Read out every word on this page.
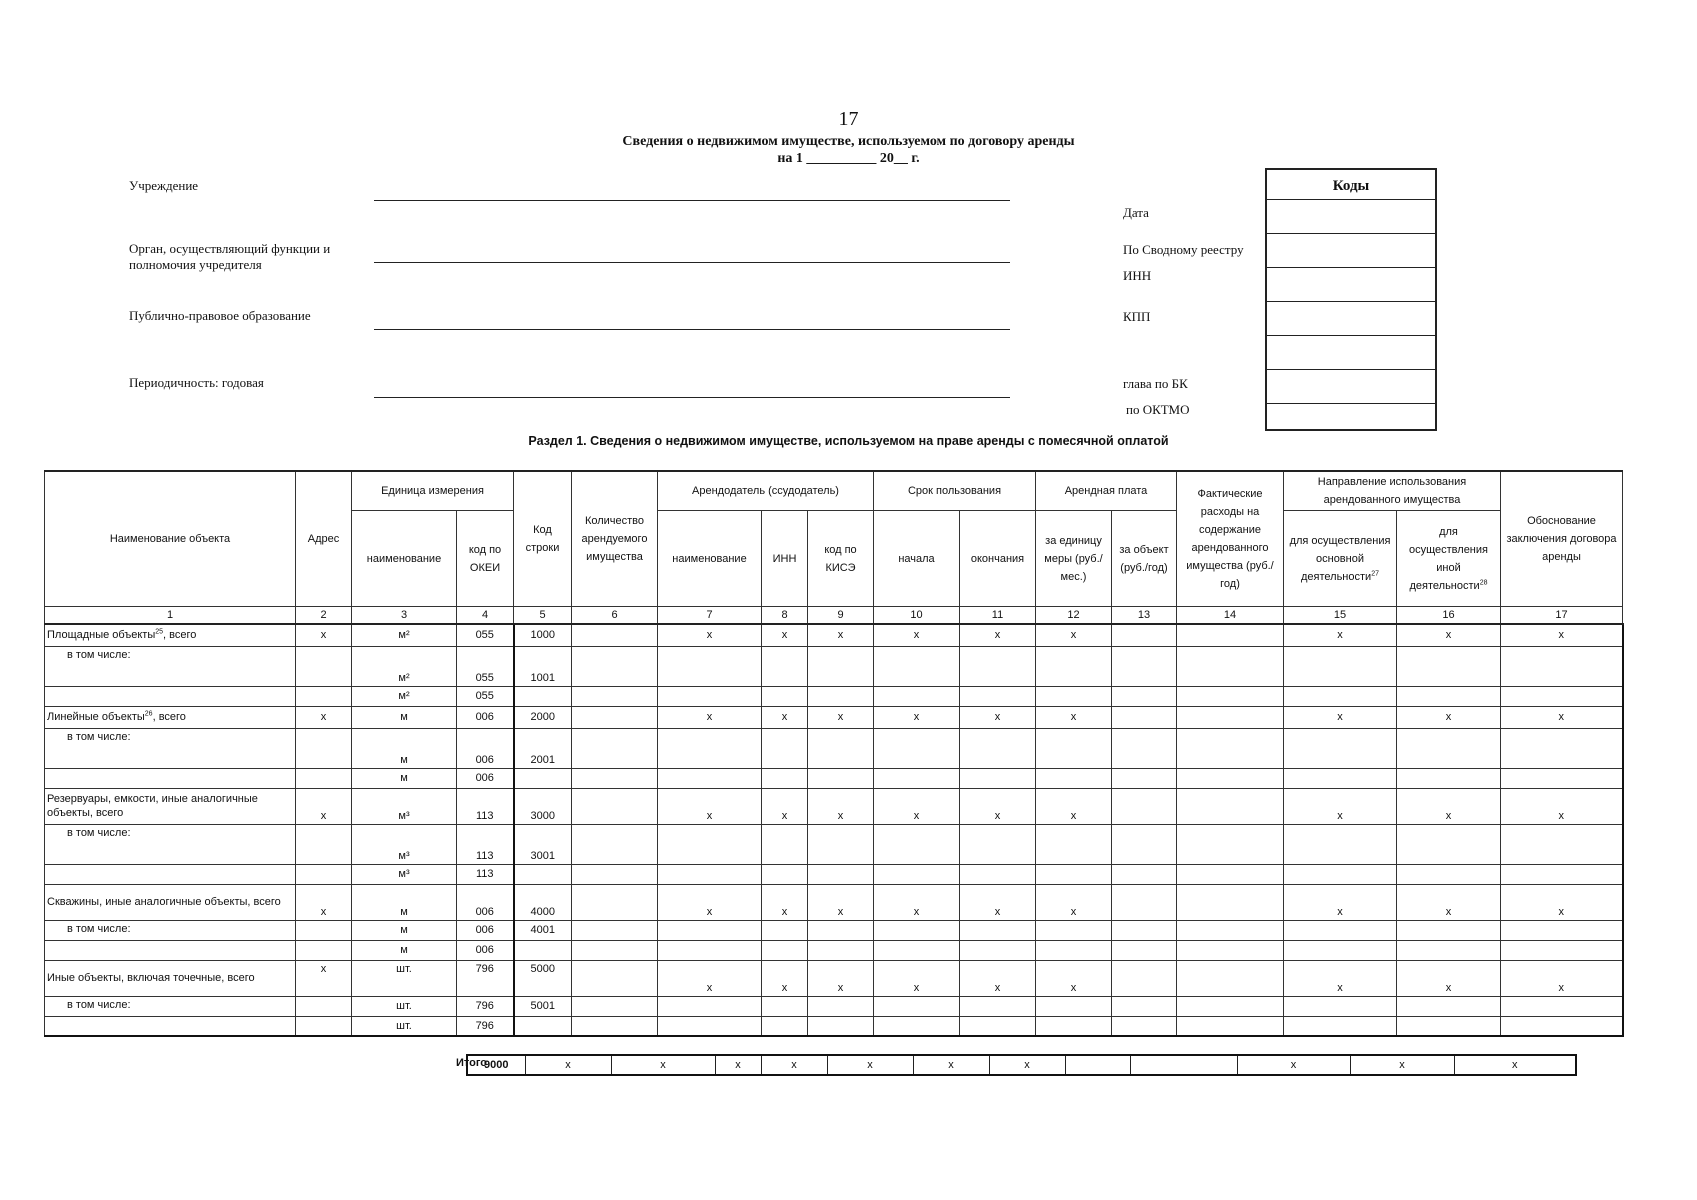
17
Сведения о недвижимом имуществе, используемом по договору аренды
на 1 __________ 20__ г.
Учреждение
Орган, осуществляющий функции и полномочия учредителя
Публично-правовое образование
Периодичность: годовая
Дата
По Сводному реестру
ИНН
КПП
глава по БК
по ОКТМО
Коды
Раздел 1. Сведения о недвижимом имуществе, используемом на праве аренды с помесячной оплатой
Наименование объекта	Адрес	Единица измерения		Код строки	Количество арендуемого имущества	Арендодатель (ссудодатель)			Срок пользования		Арендная плата		Фактические расходы на содержание арендованного имущества (руб./год)	Направление использования арендованного имущества		Обоснование заключения договора аренды
		наименование	код по ОКЕИ			наименование	ИНН	код по КИСЭ	начала	окончания	за единицу меры (руб./мес.)	за объект (руб./год)		для осуществления основной деятельности$^{27}$	для осуществления иной деятельности$^{28}$
1	2	3	4	5	6	7	8	9	10	11	12	13	14	15	16	17
Площадные объекты$^{25}$, всего	x	м²	055	1000		x	x	x	x	x	x			x	x	x
в том числе:		м²	055	1001												
		м²	055													
Линейные объекты$^{26}$, всего	x	м	006	2000		x	x	x	x	x	x			x	x	x
в том числе:		м	006	2001												
		м	006													
Резервуары, емкости, иные аналогичные объекты, всего	x	м³	113	3000		x	x	x	x	x	x			x	x	x
в том числе:		м³	113	3001												
		м³	113													
Скважины, иные аналогичные объекты, всего	x	м	006	4000		x	x	x	x	x	x			x	x	x
в том числе:		м	006	4001												
		м	006													
Иные объекты, включая точечные, всего	x	шт.	796	5000		x	x	x	x	x	x			x	x	x
в том числе:		шт.	796	5001												
		шт.	796													
Итого
9000	x	x	x	x	x	x	x			x	x	x
